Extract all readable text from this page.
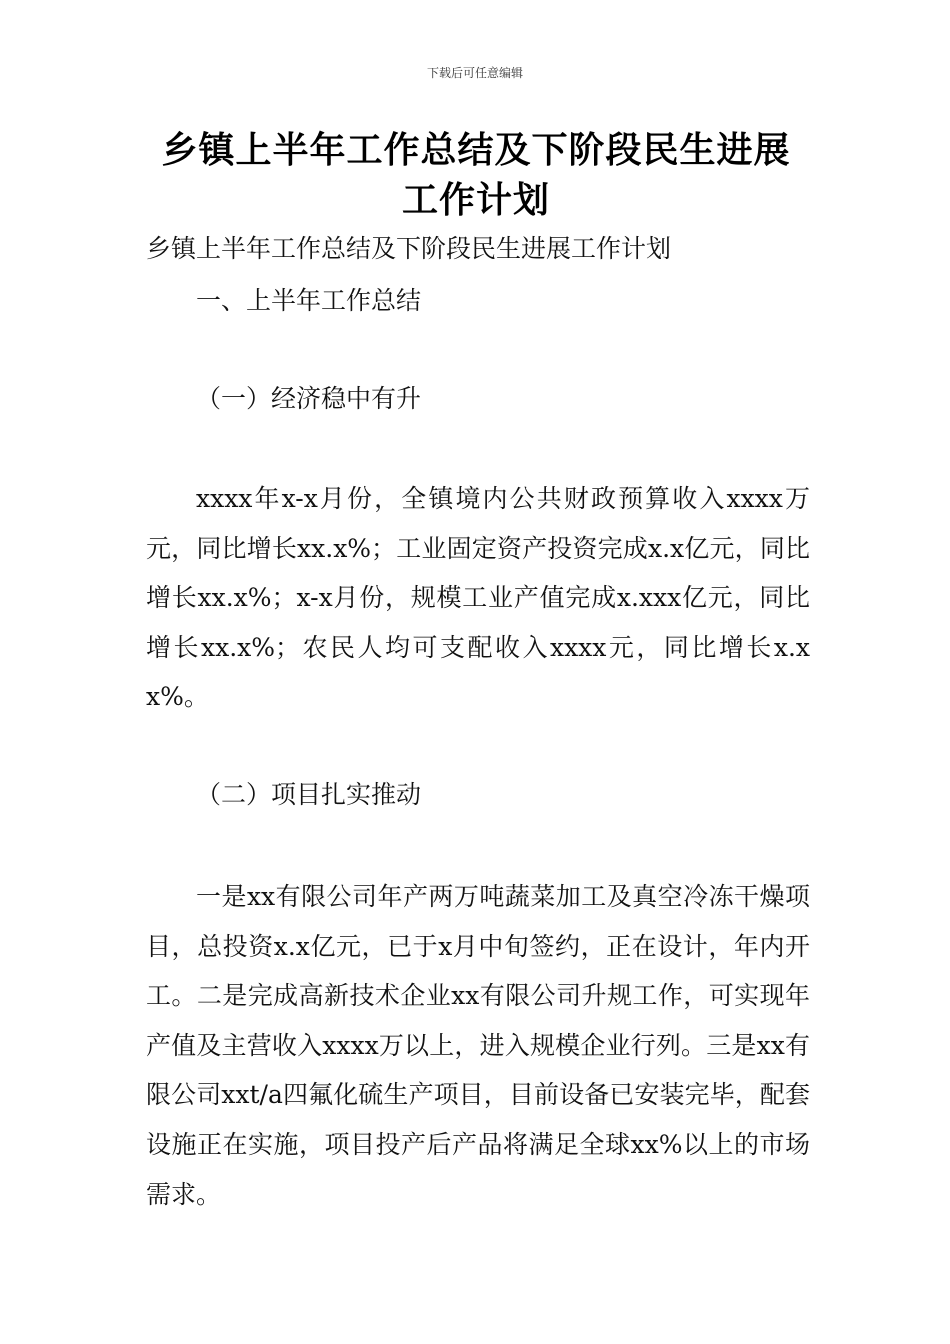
下载后可任意编辑
乡镇上半年工作总结及下阶段民生进展工作计划
乡镇上半年工作总结及下阶段民生进展工作计划
一、上半年工作总结
（一）经济稳中有升

xxxx年x-x月份，全镇境内公共财政预算收入xxxx万元，同比增长xx.x%；工业固定资产投资完成x.x亿元，同比增长xx.x%；x-x月份，规模工业产值完成x.xxx亿元，同比增长xx.x%；农民人均可支配收入xxxx元，同比增长x.xx%。

（二）项目扎实推动

一是xx有限公司年产两万吨蔬菜加工及真空冷冻干燥项目，总投资x.x亿元，已于x月中旬签约，正在设计，年内开工。二是完成高新技术企业xx有限公司升规工作，可实现年产值及主营收入xxxx万以上，进入规模企业行列。三是xx有限公司xxt/a四氟化硫生产项目，目前设备已安装完毕，配套设施正在实施，项目投产后产品将满足全球xx%以上的市场需求。
